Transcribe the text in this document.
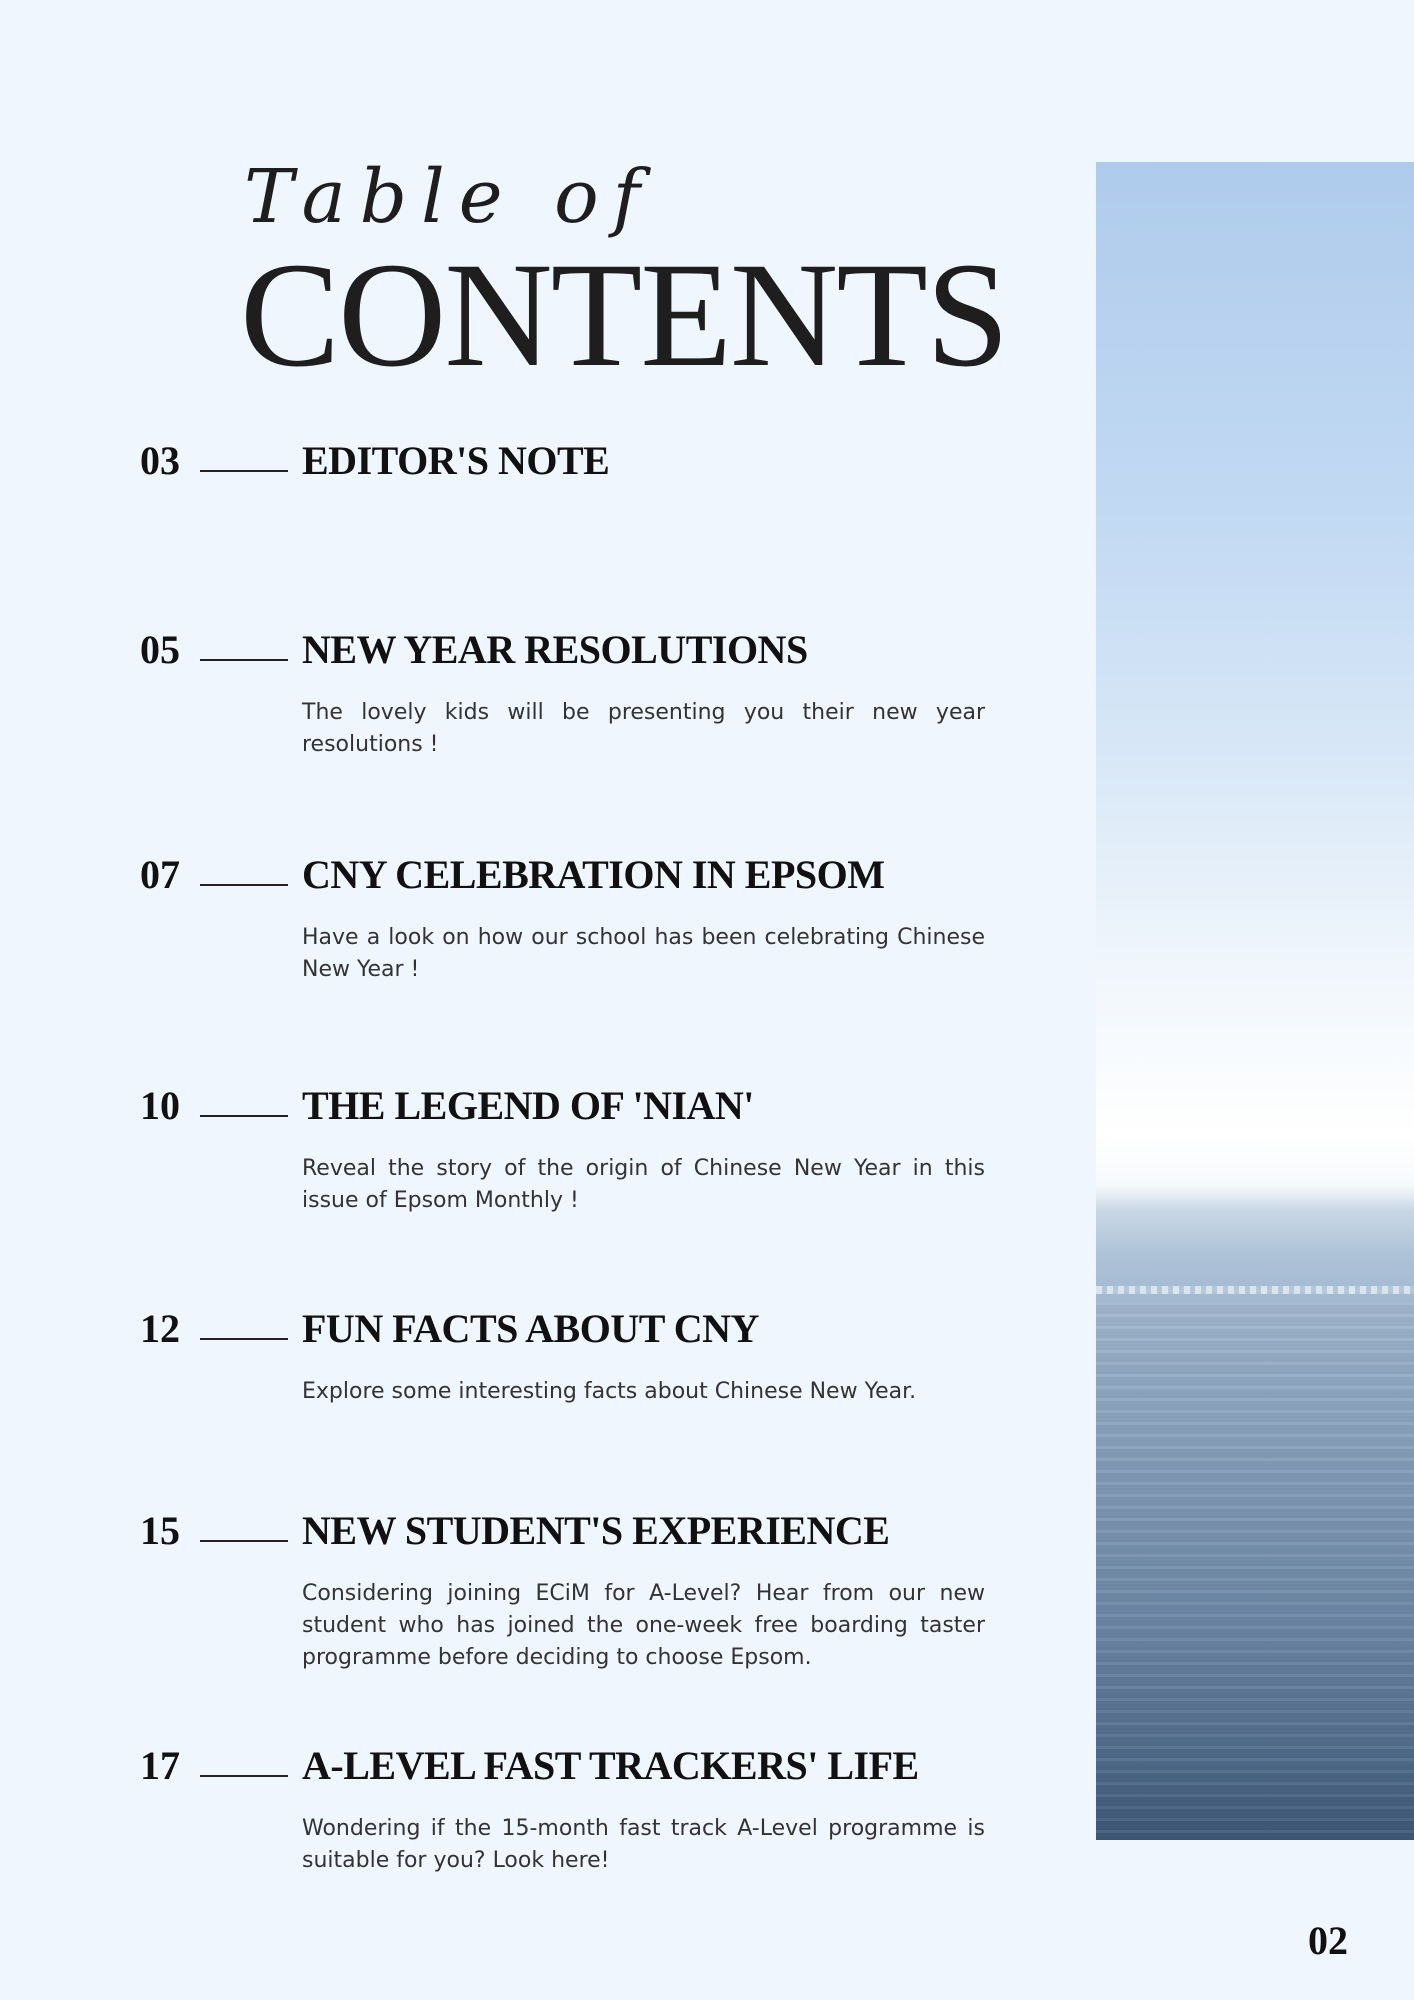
Table of
CONTENTS
03	EDITOR'S NOTE
05	NEW YEAR RESOLUTIONS
The lovely kids will be presenting you their new year resolutions !
07	CNY CELEBRATION IN EPSOM
Have a look on how our school has been celebrating Chinese New Year !
10	THE LEGEND OF 'NIAN'
Reveal the story of the origin of Chinese New Year in this issue of Epsom Monthly !
12	FUN FACTS ABOUT CNY
Explore some interesting facts about Chinese New Year.
15	NEW STUDENT'S EXPERIENCE
Considering joining ECiM for A-Level? Hear from our new student who has joined the one-week free boarding taster programme before deciding to choose Epsom.
17	A-LEVEL FAST TRACKERS' LIFE
Wondering if the 15-month fast track A-Level programme is suitable for you? Look here!
02
